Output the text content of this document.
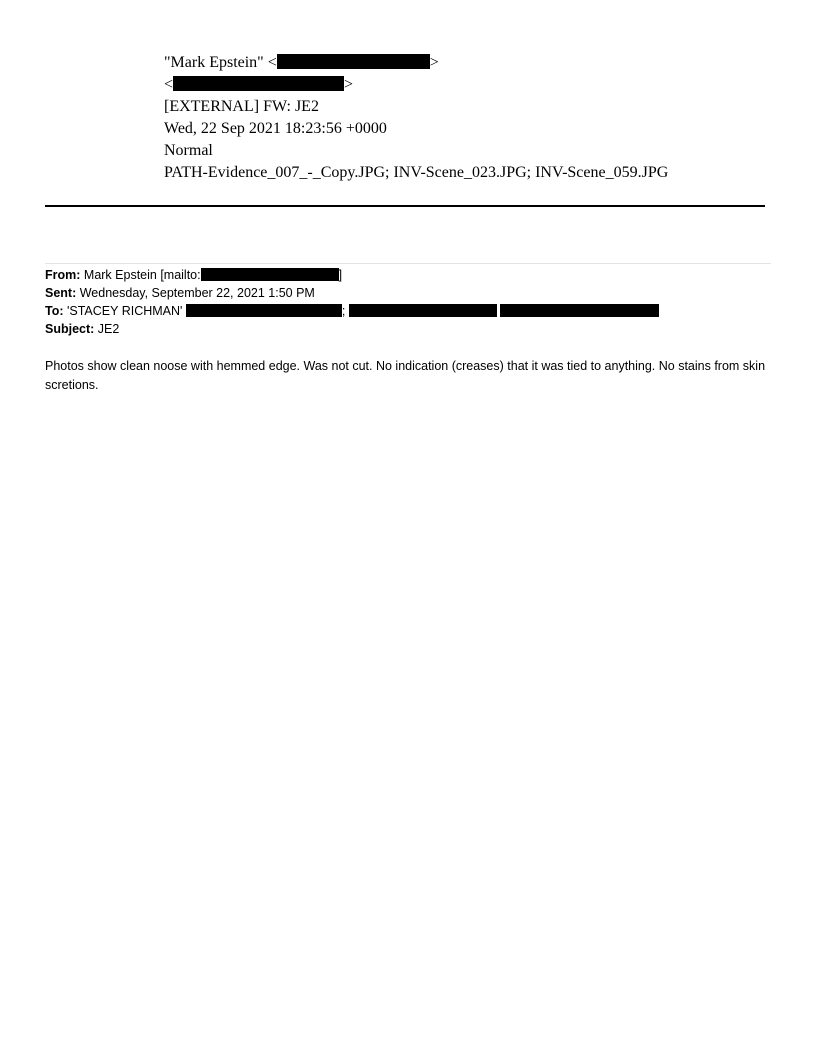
"Mark Epstein" <	>
<	>
[EXTERNAL] FW: JE2
Wed, 22 Sep 2021 18:23:56 +0000
Normal
PATH-Evidence_007_-_Copy.JPG; INV-Scene_023.JPG; INV-Scene_059.JPG
From: Mark Epstein [mailto:	]
Sent: Wednesday, September 22, 2021 1:50 PM
To: 'STACEY RICHMAN'	;
Subject: JE2
Photos show clean noose with hemmed edge. Was not cut. No indication (creases) that it was tied to anything. No stains from skin scretions.
